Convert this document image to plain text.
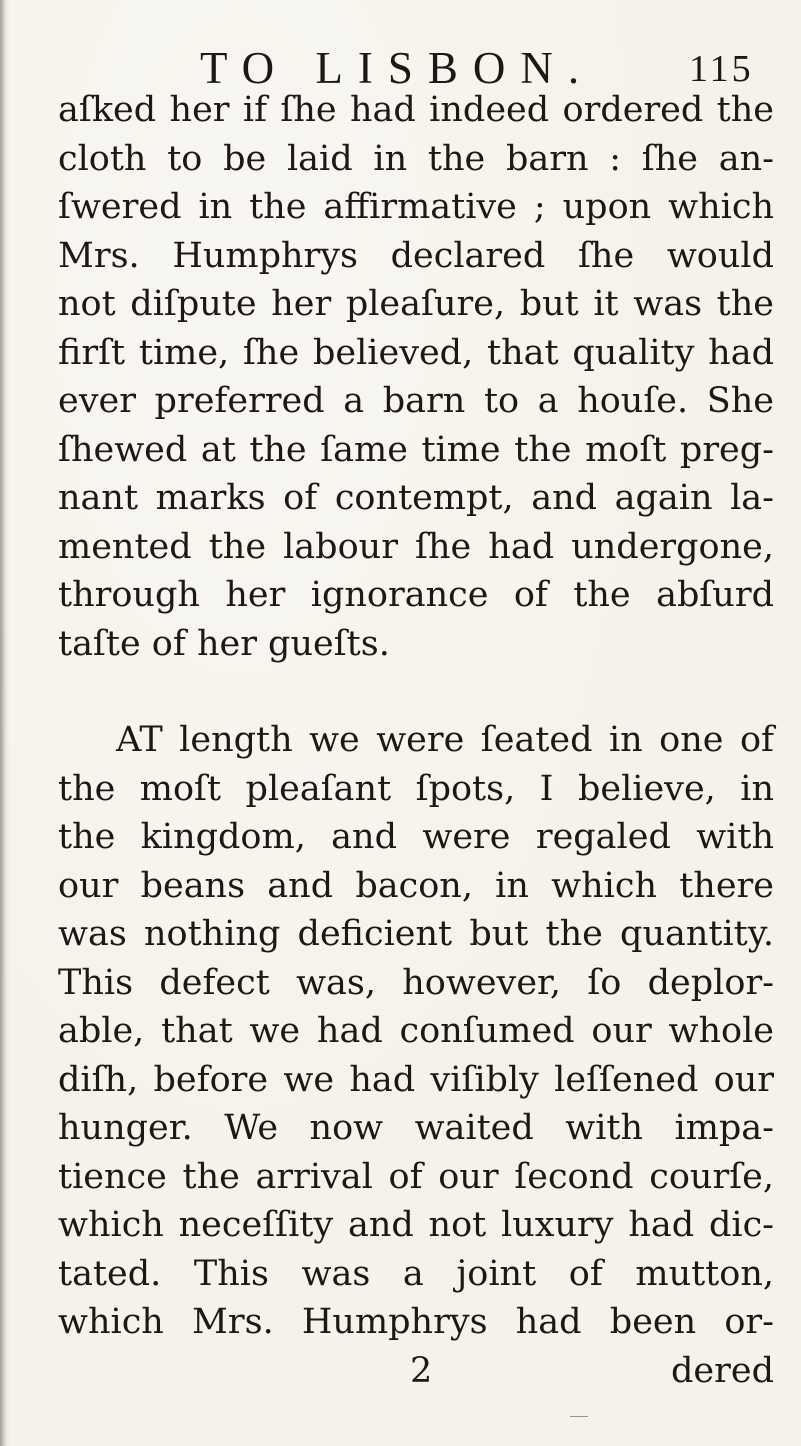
TO LISBON. 115
aſked her if ſhe had indeed ordered the
cloth to be laid in the barn : ſhe an-
ſwered in the affirmative ; upon which
Mrs. Humphrys declared ſhe would
not diſpute her pleaſure, but it was the
firſt time, ſhe believed, that quality had
ever preferred a barn to a houſe. She
ſhewed at the ſame time the moſt preg-
nant marks of contempt, and again la-
mented the labour ſhe had undergone,
through her ignorance of the abſurd
taſte of her gueſts.
AT length we were ſeated in one of
the moſt pleaſant ſpots, I believe, in
the kingdom, and were regaled with
our beans and bacon, in which there
was nothing deficient but the quantity.
This defect was, however, ſo deplor-
able, that we had conſumed our whole
diſh, before we had viſibly leſſened our
hunger. We now waited with impa-
tience the arrival of our ſecond courſe,
which neceſſity and not luxury had dic-
tated. This was a joint of mutton,
which Mrs. Humphrys had been or-
2	dered
